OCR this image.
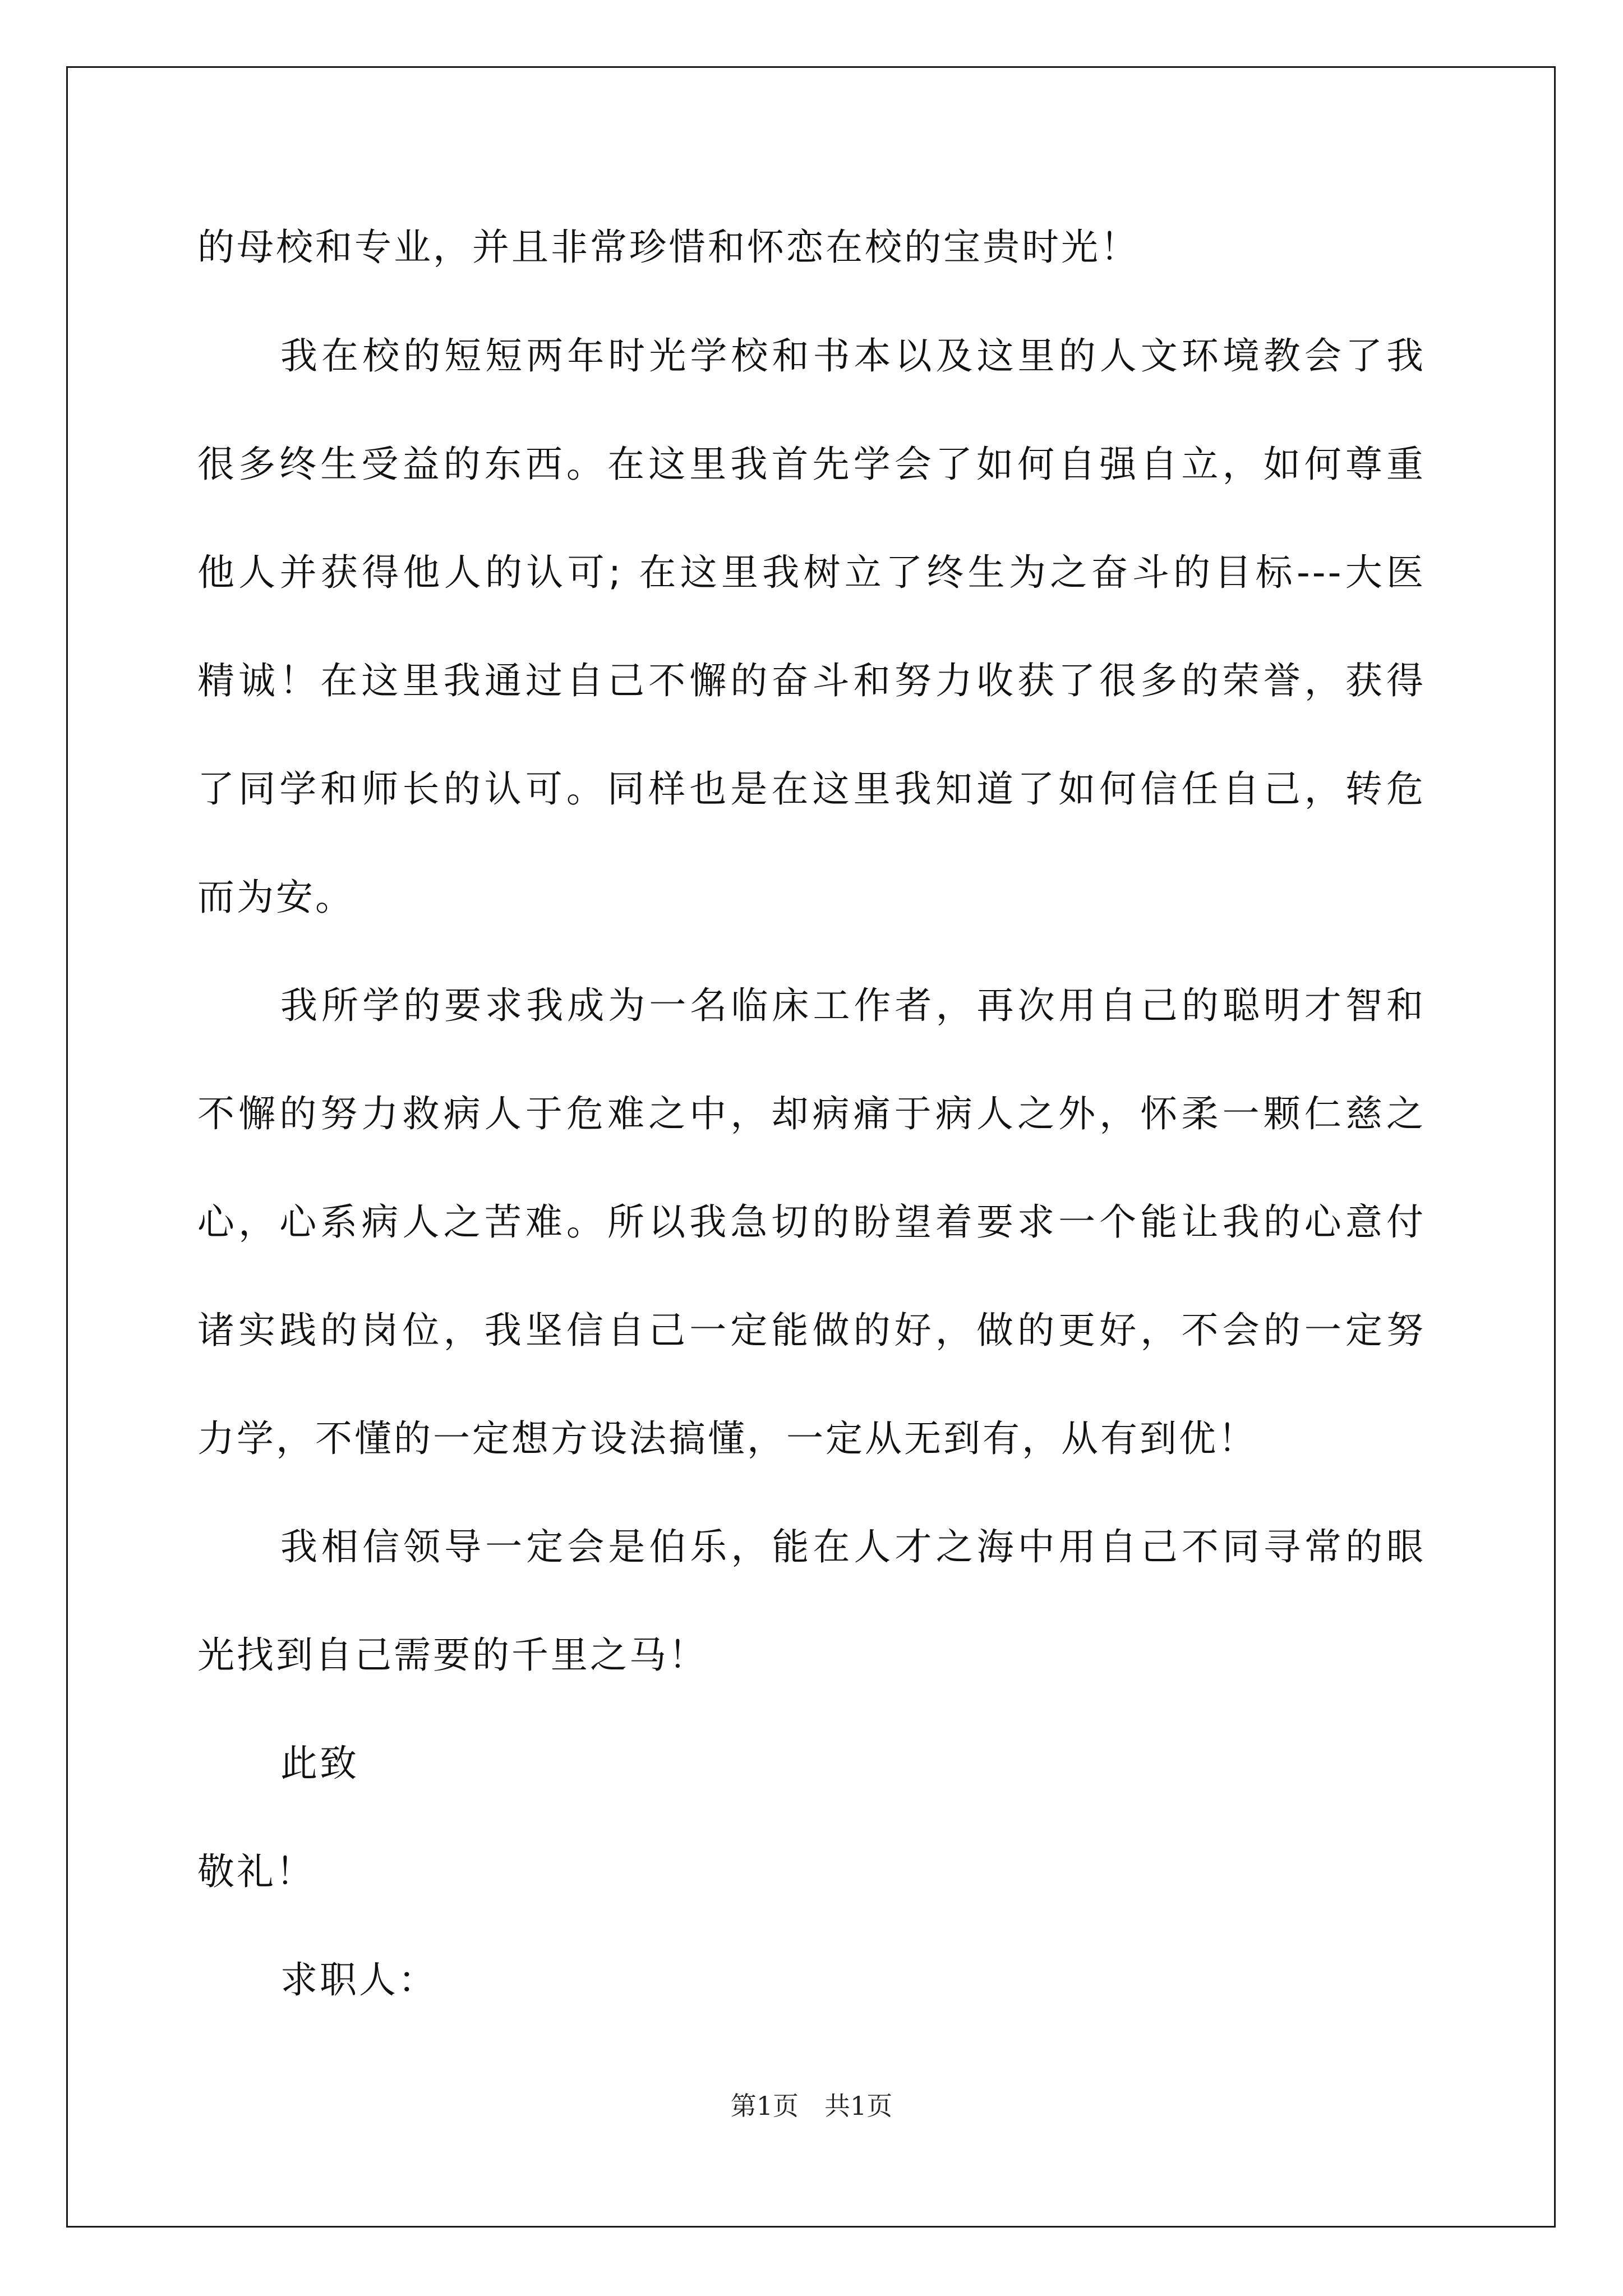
的母校和专业，并且非常珍惜和怀恋在校的宝贵时光！
我在校的短短两年时光学校和书本以及这里的人文环境教会了我
很多终生受益的东西。在这里我首先学会了如何自强自立，如何尊重
他人并获得他人的认可; 在这里我树立了终生为之奋斗的目标---大医
精诚！在这里我通过自己不懈的奋斗和努力收获了很多的荣誉，获得
了同学和师长的认可。同样也是在这里我知道了如何信任自己，转危
而为安。
我所学的要求我成为一名临床工作者，再次用自己的聪明才智和
不懈的努力救病人于危难之中，却病痛于病人之外，怀柔一颗仁慈之
心，心系病人之苦难。所以我急切的盼望着要求一个能让我的心意付
诸实践的岗位，我坚信自己一定能做的好，做的更好，不会的一定努
力学，不懂的一定想方设法搞懂，一定从无到有，从有到优！
我相信领导一定会是伯乐，能在人才之海中用自己不同寻常的眼
光找到自己需要的千里之马！
此致
敬礼！
求职人：
第1页　共1页
